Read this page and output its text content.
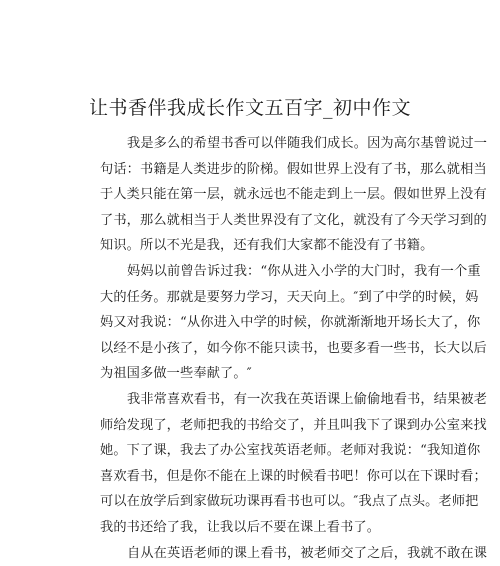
让书香伴我成长作文五百字_初中作文
我是多么的希望书香可以伴随我们成长。因为高尔基曾说过一
句话：书籍是人类进步的阶梯。假如世界上没有了书，那么就相当
于人类只能在第一层，就永远也不能走到上一层。假如世界上没有
了书，那么就相当于人类世界没有了文化，就没有了今天学习到的
知识。所以不光是我，还有我们大家都不能没有了书籍。
妈妈以前曾告诉过我：“你从进入小学的大门时，我有一个重
大的任务。那就是要努力学习，天天向上。″到了中学的时候，妈
妈又对我说：“从你进入中学的时候，你就渐渐地开场长大了，你
以经不是小孩了，如今你不能只读书，也要多看一些书，长大以后
为祖国多做一些奉献了。″
我非常喜欢看书，有一次我在英语课上偷偷地看书，结果被老
师给发现了，老师把我的书给交了，并且叫我下了课到办公室来找
她。下了课，我去了办公室找英语老师。老师对我说：“我知道你
喜欢看书，但是你不能在上课的时候看书吧！你可以在下课时看；
可以在放学后到家做玩功课再看书也可以。″我点了点头。老师把
我的书还给了我，让我以后不要在课上看书了。
自从在英语老师的课上看书，被老师交了之后，我就不敢在课
